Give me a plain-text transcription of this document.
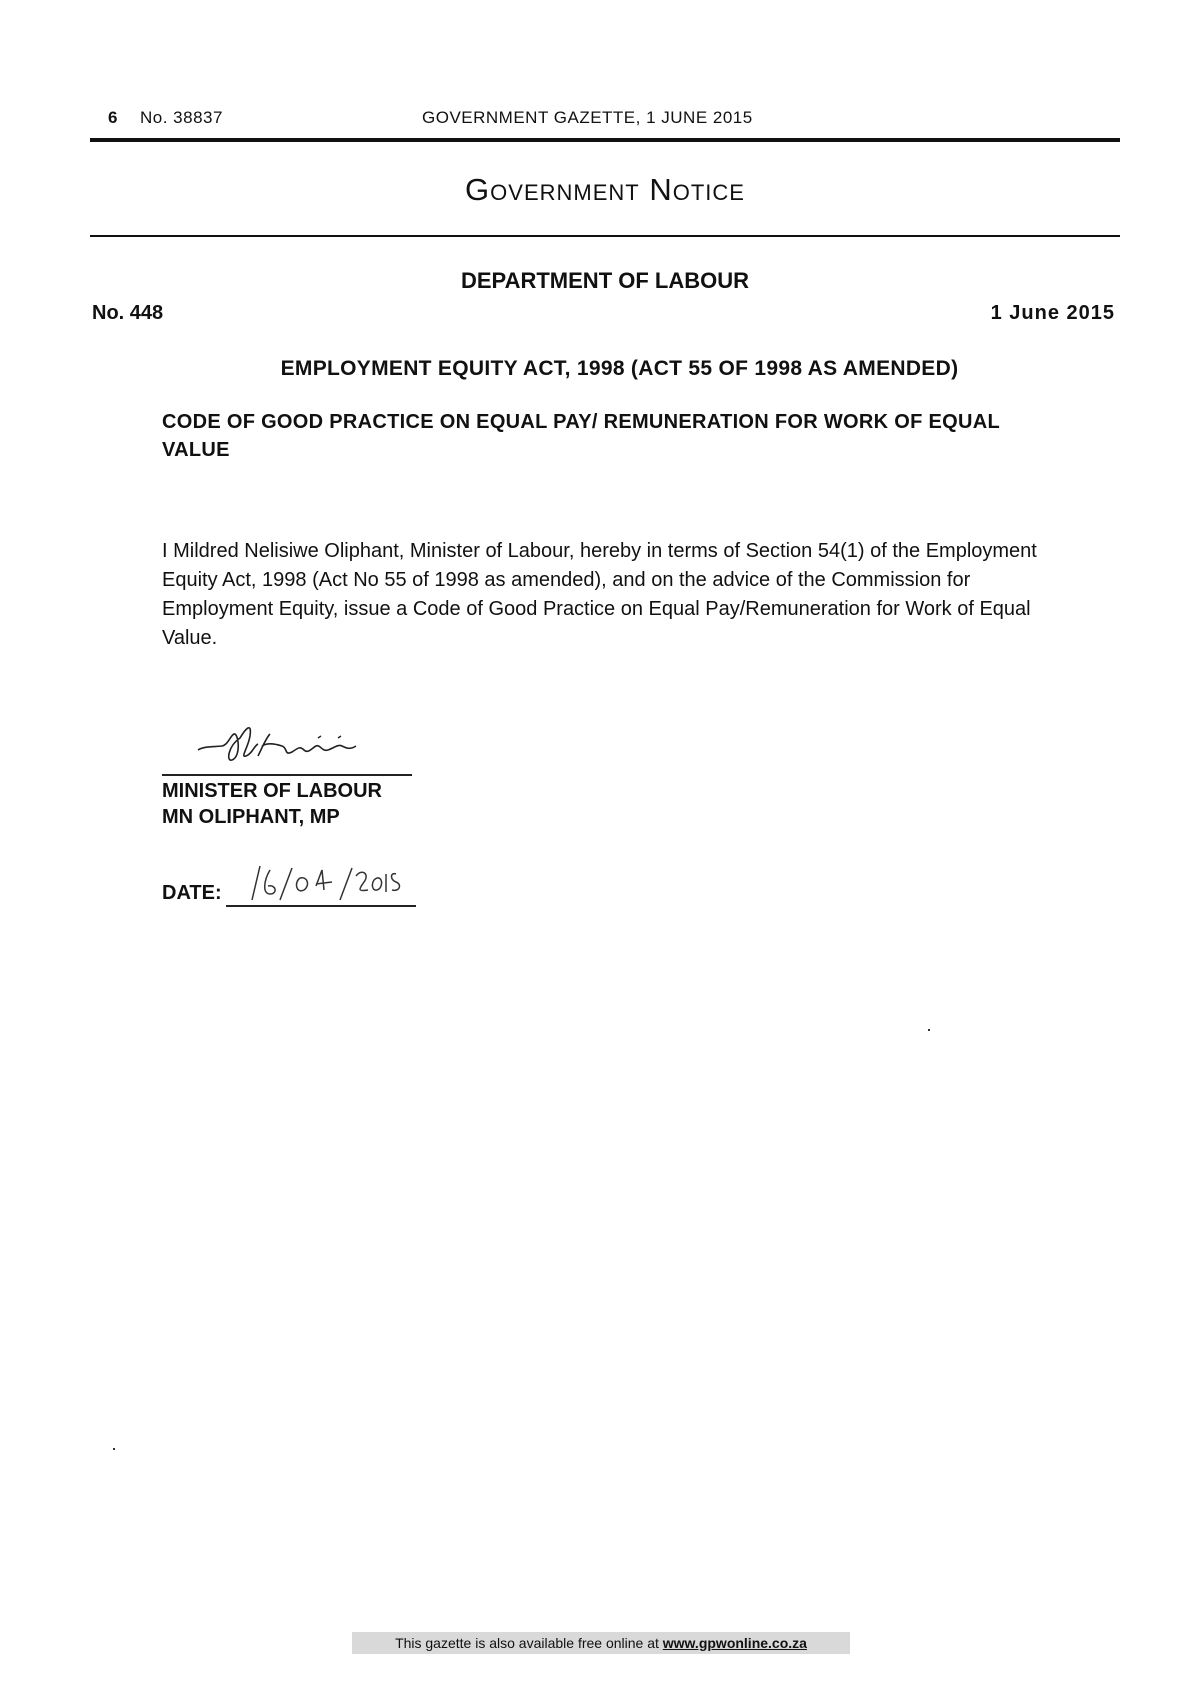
6 No. 38837	GOVERNMENT GAZETTE, 1 JUNE 2015
Government Notice
DEPARTMENT OF LABOUR
No. 448	1 June 2015
EMPLOYMENT EQUITY ACT, 1998 (ACT 55 OF 1998 AS AMENDED)
CODE OF GOOD PRACTICE ON EQUAL PAY/ REMUNERATION FOR WORK OF EQUAL VALUE
I Mildred Nelisiwe Oliphant, Minister of Labour, hereby in terms of Section 54(1) of the Employment Equity Act, 1998 (Act No 55 of 1998 as amended), and on the advice of the Commission for Employment Equity, issue a Code of Good Practice on Equal Pay/Remuneration for Work of Equal Value.
MINISTER OF LABOUR
MN OLIPHANT, MP
DATE:
This gazette is also available free online at www.gpwonline.co.za
